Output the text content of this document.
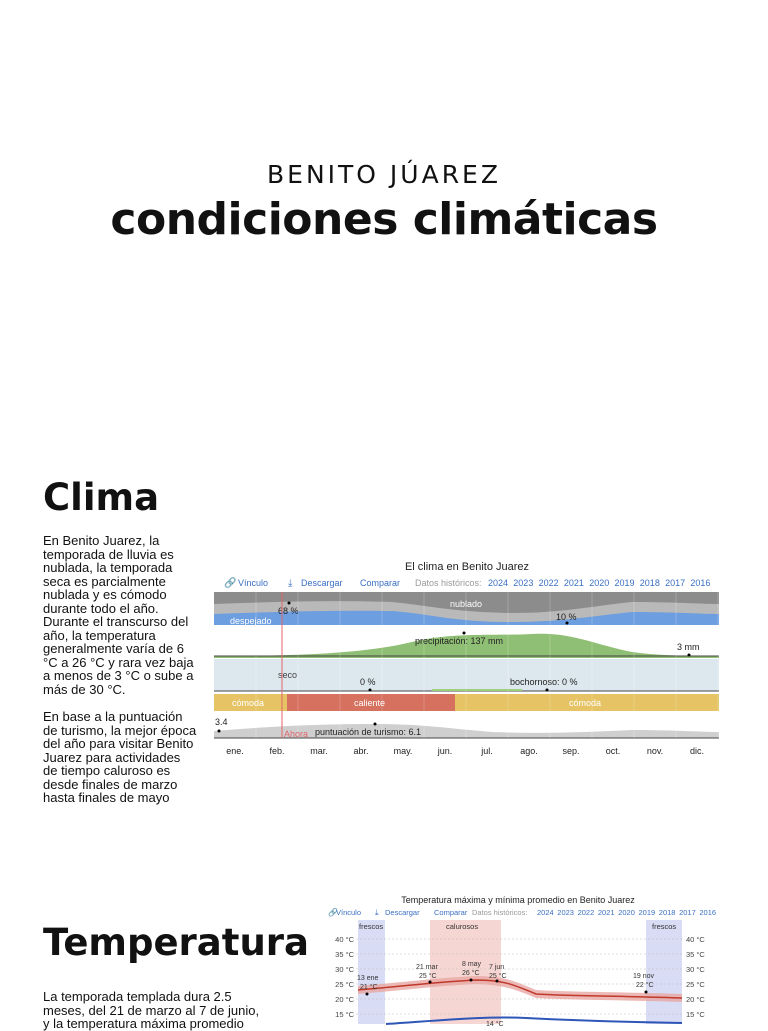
BENITO JÚAREZ
condiciones climáticas
Clima
En Benito Juarez, la temporada de lluvia es nublada, la temporada seca es parcialmente nublada y es cómodo durante todo el año. Durante el transcurso del año, la temperatura generalmente varía de 6 °C a 26 °C y rara vez baja a menos de 3 °C o sube a más de 30 °C.
En base a la puntuación de turismo, la mejor época del año para visitar Benito Juarez para actividades de tiempo caluroso es desde finales de marzo hasta finales de mayo
El clima en Benito Juarez
🔗 Vínculo ⤓ Descargar Comparar Datos históricos: 2024 2023 2022 2021 2020 2019 2018 2017 2016
nublado
despejado
68 %
10 %
precipitación: 137 mm
3 mm
seco
0 %	bochornoso: 0 %
cómoda	caliente	cómoda
3.4
puntuación de turismo: 6.1
Ahora
ene.	feb.	mar.	abr.	may.	jun.	jul.	ago.	sep.	oct.	nov.	dic.
Temperatura
La temporada templada dura 2.5 meses, del 21 de marzo al 7 de junio, y la temperatura máxima promedio
Temperatura máxima y mínima promedio en Benito Juarez
🔗
Vínculo ⤓ Descargar Comparar Datos históricos: 2024 2023 2022 2021 2020 2019 2018 2017 2016
frescos	calurosos	frescos
40 °C	40 °C
35 °C	35 °C
30 °C	30 °C
25 °C	25 °C
20 °C	20 °C
15 °C	15 °C
13 ene
21 °C
21 mar
25 °C
8 may
26 °C
7 jun
25 °C	19 nov
22 °C
14 °C
